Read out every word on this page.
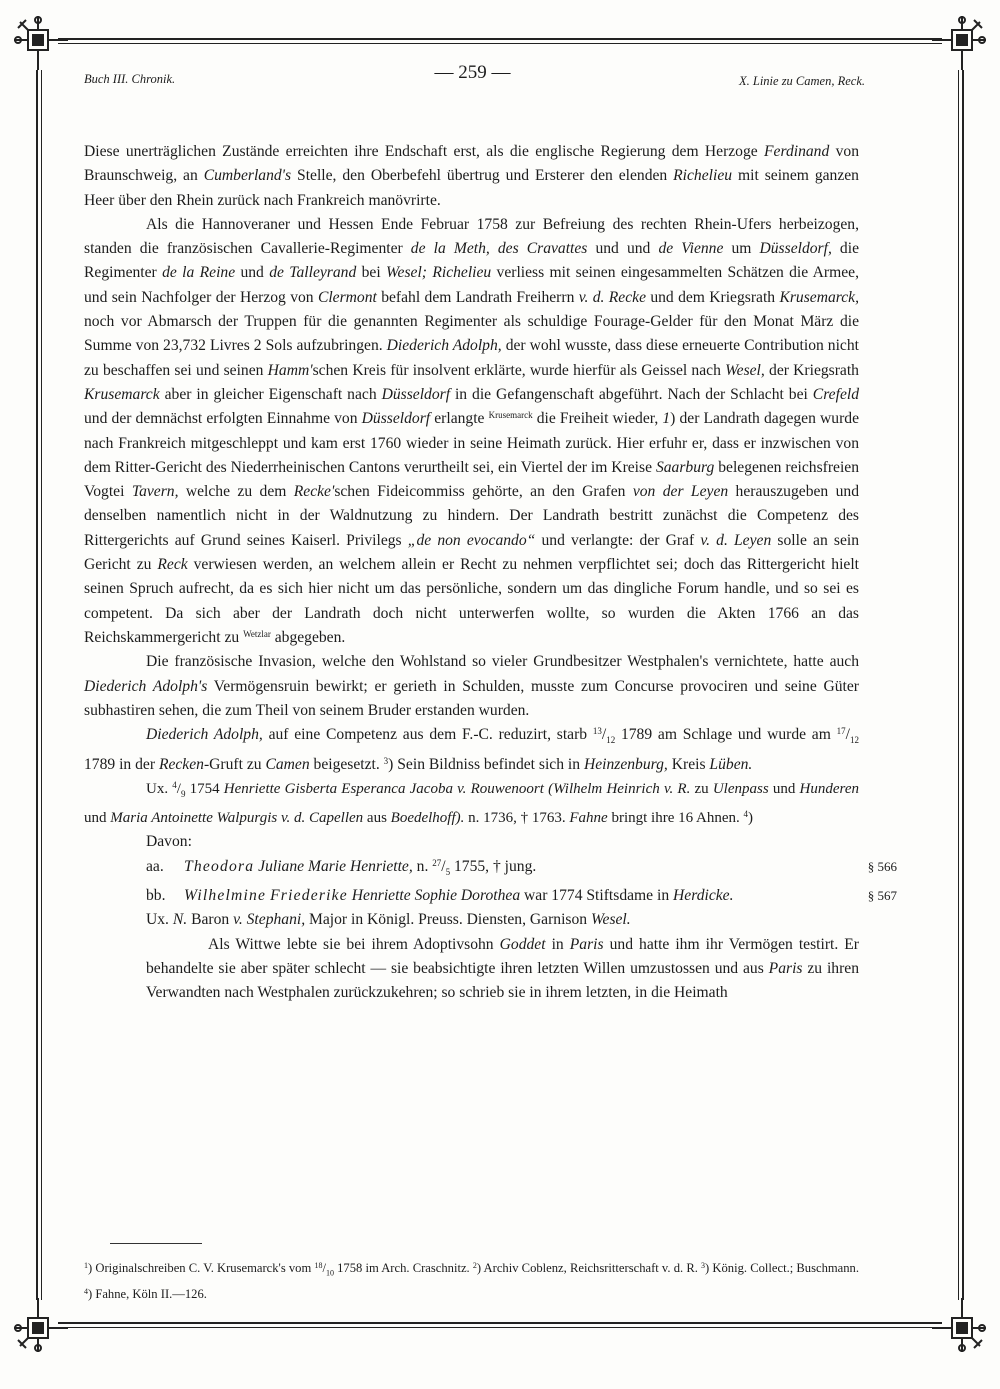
Buch III. Chronik.	— 259 —	X. Linie zu Camen, Reck.

Diese unerträglichen Zustände erreichten ihre Endschaft erst, als die englische Regierung dem Herzoge Ferdinand von Braunschweig, an Cumberland's Stelle, den Oberbefehl übertrug und Ersterer den elenden Richelieu mit seinem ganzen Heer über den Rhein zurück nach Frankreich manövrirte.

Als die Hannoveraner und Hessen Ende Februar 1758 zur Befreiung des rechten Rhein-Ufers herbeizogen, standen die französischen Cavallerie-Regimenter de la Meth, des Cravattes und und de Vienne um Düsseldorf, die Regimenter de la Reine und de Talleyrand bei Wesel; Richelieu verliess mit seinen eingesammelten Schätzen die Armee, und sein Nachfolger der Herzog von Clermont befahl dem Landrath Freiherrn v. d. Recke und dem Kriegsrath Krusemarck, noch vor Abmarsch der Truppen für die genannten Regimenter als schuldige Fourage-Gelder für den Monat März die Summe von 23,732 Livres 2 Sols aufzubringen. Diederich Adolph, der wohl wusste, dass diese erneuerte Contribution nicht zu beschaffen sei und seinen Hamm'schen Kreis für insolvent erklärte, wurde hierfür als Geissel nach Wesel, der Kriegsrath Krusemarck aber in gleicher Eigenschaft nach Düsseldorf in die Gefangenschaft abgeführt. Nach der Schlacht bei Crefeld und der demnächst erfolgten Einnahme von Düsseldorf erlangte $^{Krusemarck}$ die Freiheit wieder, 1) der Landrath dagegen wurde nach Frankreich mitgeschleppt und kam erst 1760 wieder in seine Heimath zurück. Hier erfuhr er, dass er inzwischen von dem Ritter-Gericht des Niederrheinischen Cantons verurtheilt sei, ein Viertel der im Kreise Saarburg belegenen reichsfreien Vogtei Tavern, welche zu dem Recke'schen Fideicommiss gehörte, an den Grafen von der Leyen herauszugeben und denselben namentlich nicht in der Waldnutzung zu hindern. Der Landrath bestritt zunächst die Competenz des Rittergerichts auf Grund seines Kaiserl. Privilegs „de non evocando“ und verlangte: der Graf v. d. Leyen solle an sein Gericht zu Reck verwiesen werden, an welchem allein er Recht zu nehmen verpflichtet sei; doch das Rittergericht hielt seinen Spruch aufrecht, da es sich hier nicht um das persönliche, sondern um das dingliche Forum handle, und so sei es competent. Da sich aber der Landrath doch nicht unterwerfen wollte, so wurden die Akten 1766 an das Reichskammergericht zu $^{Wetzlar}$ abgegeben.

Die französische Invasion, welche den Wohlstand so vieler Grundbesitzer Westphalen's vernichtete, hatte auch Diederich Adolph's Vermögensruin bewirkt; er gerieth in Schulden, musste zum Concurse provociren und seine Güter subhastiren sehen, die zum Theil von seinem Bruder erstanden wurden.

Diederich Adolph, auf eine Competenz aus dem F.-C. reduzirt, starb $^{13}/_{12}$ 1789 am Schlage und wurde am $^{17}/_{12}$ 1789 in der Recken-Gruft zu Camen beigesetzt. $^3$) Sein Bildniss befindet sich in Heinzenburg, Kreis Lüben.

Ux. $^4/_9$ 1754 Henriette Gisberta Esperanca Jacoba v. Rouwenoort (Wilhelm Heinrich v. R. zu Ulenpass und Hunderen und Maria Antoinette Walpurgis v. d. Capellen aus Boedelhoff). n. 1736, † 1763. Fahne bringt ihre 16 Ahnen. $^4$)

Davon:

aa. Theodora Juliane Marie Henriette, n. $^{27}/_5$ 1755, † jung.	§ 566

bb. Wilhelmine Friederike Henriette Sophie Dorothea war 1774 Stiftsdame in Herdicke.	§ 567

Ux. N. Baron v. Stephani, Major in Königl. Preuss. Diensten, Garnison Wesel.

Als Wittwe lebte sie bei ihrem Adoptivsohn Goddet in Paris und hatte ihm ihr Vermögen testirt. Er behandelte sie aber später schlecht — sie beabsichtigte ihren letzten Willen umzustossen und aus Paris zu ihren Verwandten nach Westphalen zurückzukehren; so schrieb sie in ihrem letzten, in die Heimath

$^1$) Originalschreiben C. V. Krusemarck's vom $^{18}/_{10}$ 1758 im Arch. Craschnitz. $^2$) Archiv Coblenz, Reichsritterschaft v. d. R. $^3$) König. Collect.; Buschmann. $^4$) Fahne, Köln II.—126.
